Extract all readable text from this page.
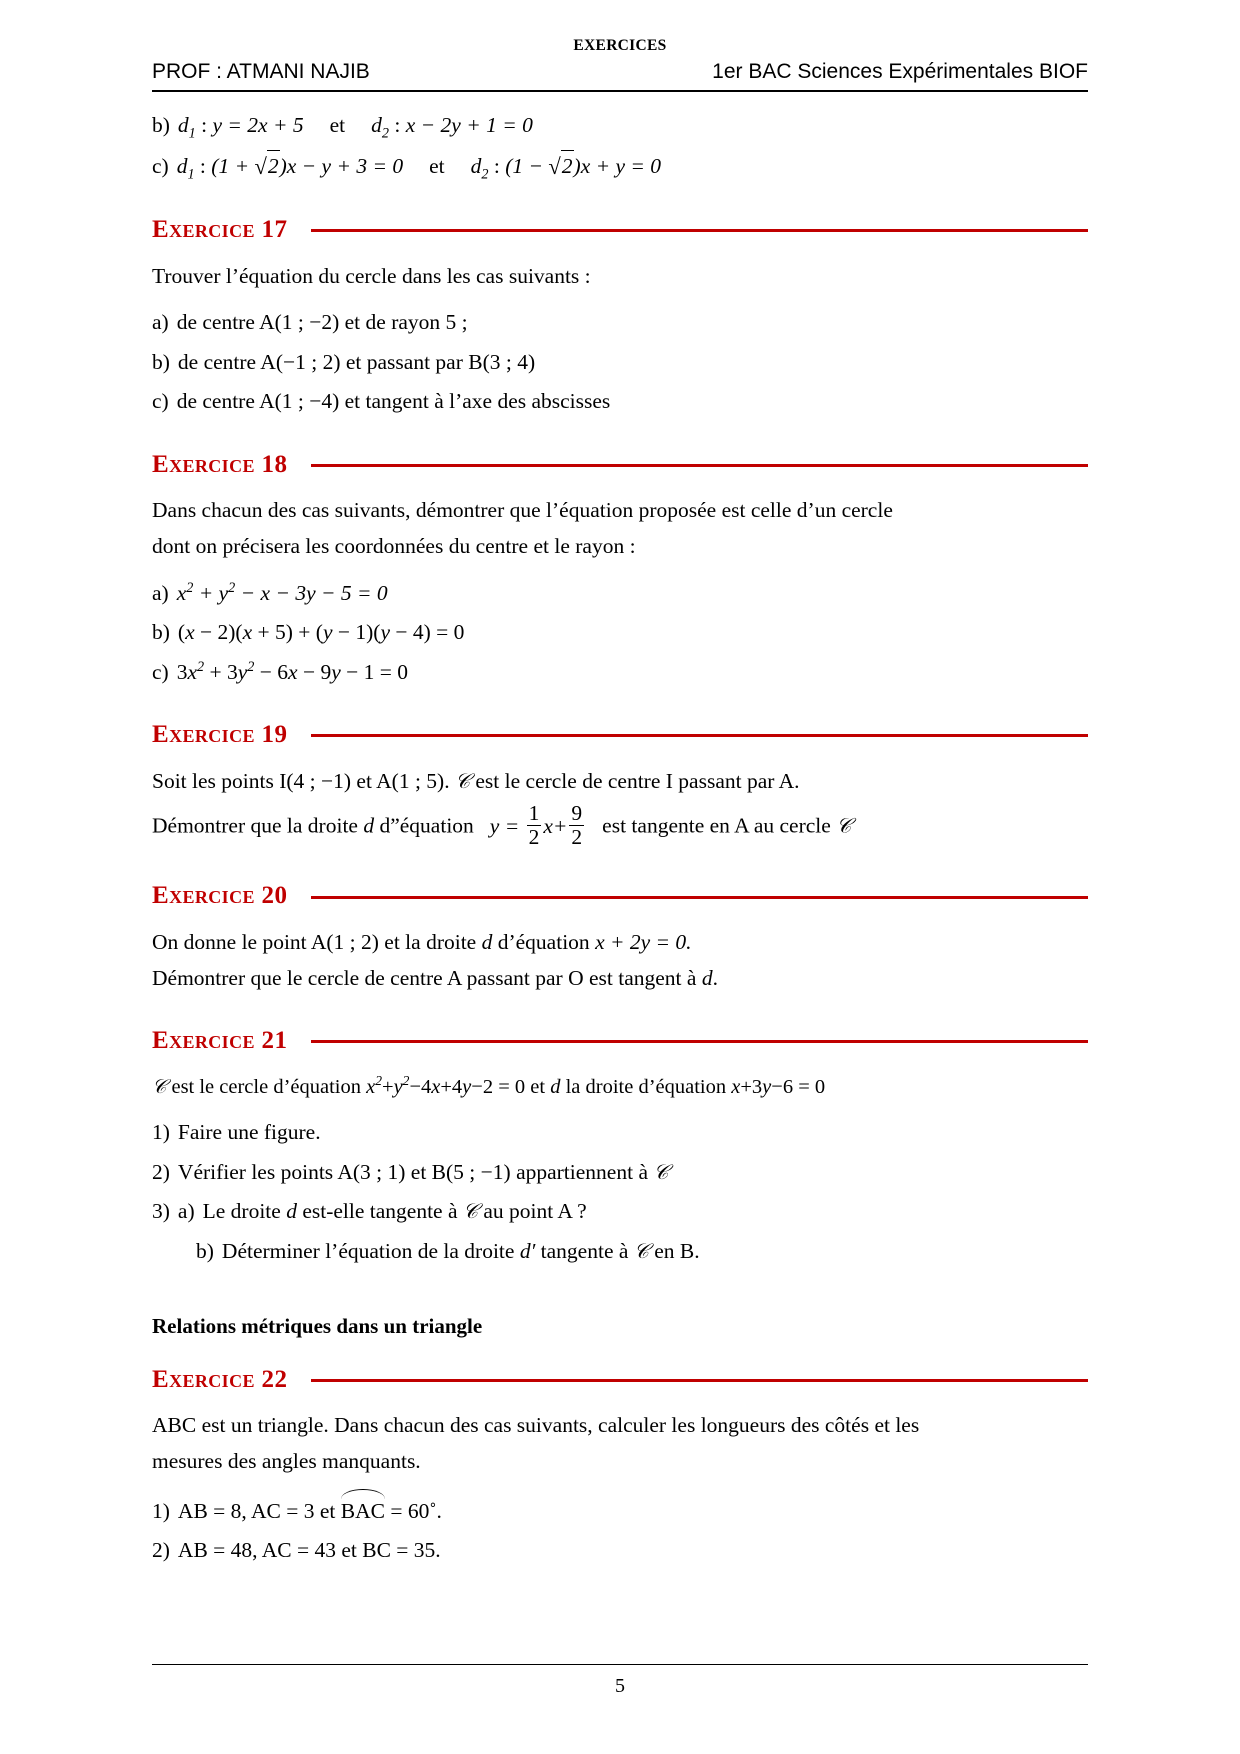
EXERCICES
PROF : ATMANI NAJIB	1er BAC Sciences Expérimentales BIOF
b) $d_1$ : y = 2x + 5 et $d_2$ : x − 2y + 1 = 0
c) $d_1$ : (1 + √2)x − y + 3 = 0 et $d_2$ : (1 − √2)x + y = 0
Exercice 17
Trouver l’équation du cercle dans les cas suivants :
a) de centre A(1 ; −2) et de rayon 5 ;
b) de centre A(−1 ; 2) et passant par B(3 ; 4)
c) de centre A(1 ; −4) et tangent à l’axe des abscisses
Exercice 18
Dans chacun des cas suivants, démontrer que l’équation proposée est celle d’un cercle
dont on précisera les coordonnées du centre et le rayon :
a) $x^2 + y^2 - x - 3y - 5 = 0$
b) (x − 2)(x + 5) + (y − 1)(y − 4) = 0
c) $3x^2 + 3y^2 - 6x - 9y - 1 = 0$
Exercice 19
Soit les points I(4 ; −1) et A(1 ; 5). 𝒞 est le cercle de centre I passant par A.
Démontrer que la droite d d”équation $y = \frac{1}{2} x+ \frac{9}{2}$ est tangente en A au cercle 𝒞
Exercice 20
On donne le point A(1 ; 2) et la droite d d’équation x + 2y = 0.
Démontrer que le cercle de centre A passant par O est tangent à d.
Exercice 21
𝒞 est le cercle d’équation $x^2+y^2-4x+4y-2 = 0$ et d la droite d’équation x+3y−6 = 0
1) Faire une figure.
2) Vérifier les points A(3 ; 1) et B(5 ; −1) appartiennent à 𝒞
3) a) Le droite d est-elle tangente à 𝒞 au point A ?
b) Déterminer l’équation de la droite d′ tangente à 𝒞 en B.
Relations métriques dans un triangle
Exercice 22
ABC est un triangle. Dans chacun des cas suivants, calculer les longueurs des côtés et les
mesures des angles manquants.
1) AB = 8, AC = 3 et
BAC = 60˚.
2) AB = 48, AC = 43 et BC = 35.
5
